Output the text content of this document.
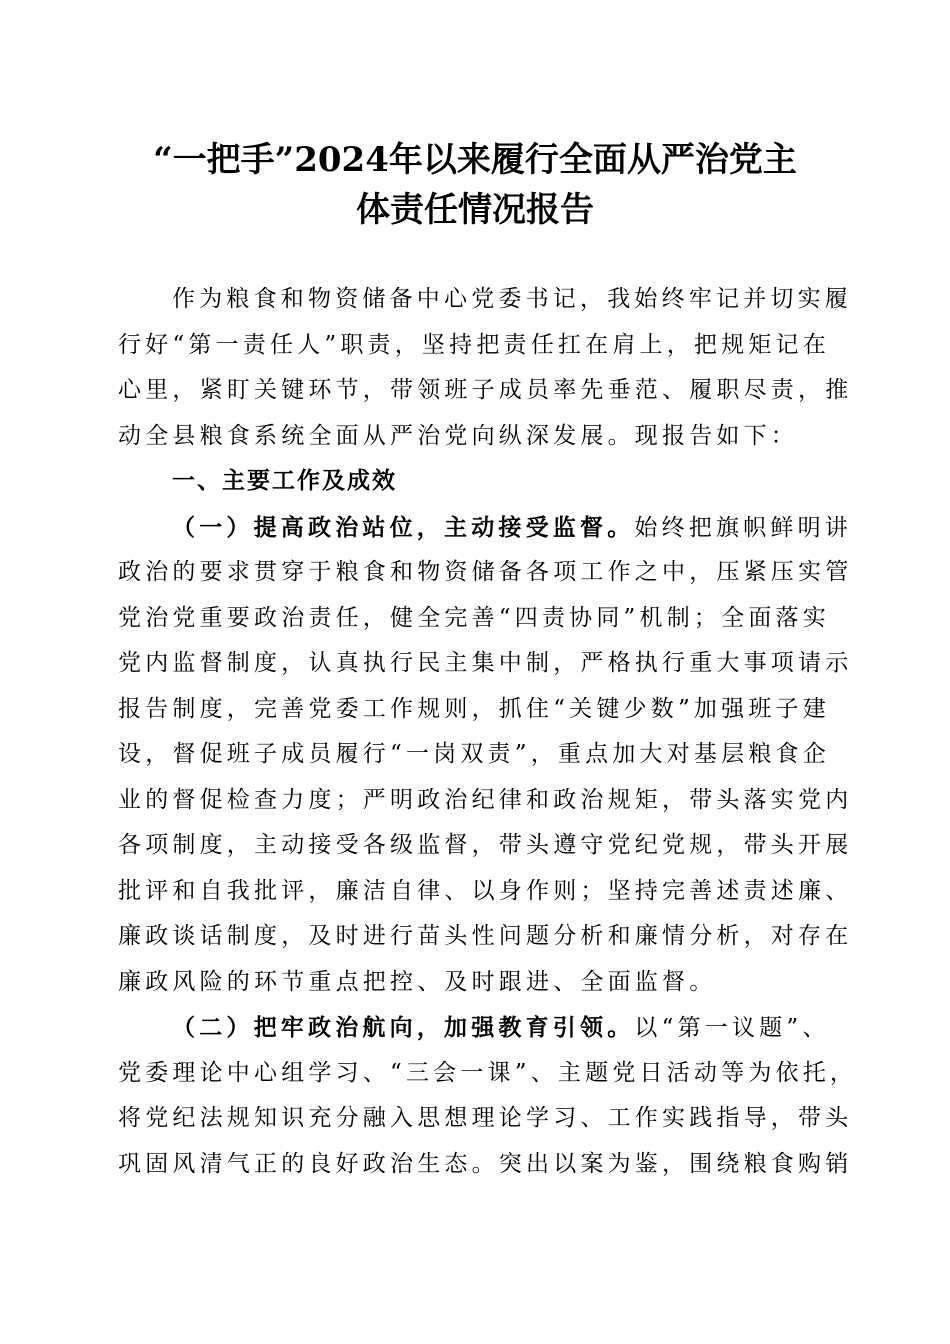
“一把手”2024年以来履行全面从严治党主
体责任情况报告
作为粮食和物资储备中心党委书记，我始终牢记并切实履
行好“第一责任人”职责，坚持把责任扛在肩上，把规矩记在
心里，紧盯关键环节，带领班子成员率先垂范、履职尽责，推
动全县粮食系统全面从严治党向纵深发展。现报告如下：
一、主要工作及成效
（一）提高政治站位，主动接受监督。始终把旗帜鲜明讲
政治的要求贯穿于粮食和物资储备各项工作之中，压紧压实管
党治党重要政治责任，健全完善“四责协同”机制；全面落实
党内监督制度，认真执行民主集中制，严格执行重大事项请示
报告制度，完善党委工作规则，抓住“关键少数”加强班子建
设，督促班子成员履行“一岗双责”，重点加大对基层粮食企
业的督促检查力度；严明政治纪律和政治规矩，带头落实党内
各项制度，主动接受各级监督，带头遵守党纪党规，带头开展
批评和自我批评，廉洁自律、以身作则；坚持完善述责述廉、
廉政谈话制度，及时进行苗头性问题分析和廉情分析，对存在
廉政风险的环节重点把控、及时跟进、全面监督。
（二）把牢政治航向，加强教育引领。以“第一议题”、
党委理论中心组学习、“三会一课”、主题党日活动等为依托，
将党纪法规知识充分融入思想理论学习、工作实践指导，带头
巩固风清气正的良好政治生态。突出以案为鉴，围绕粮食购销
